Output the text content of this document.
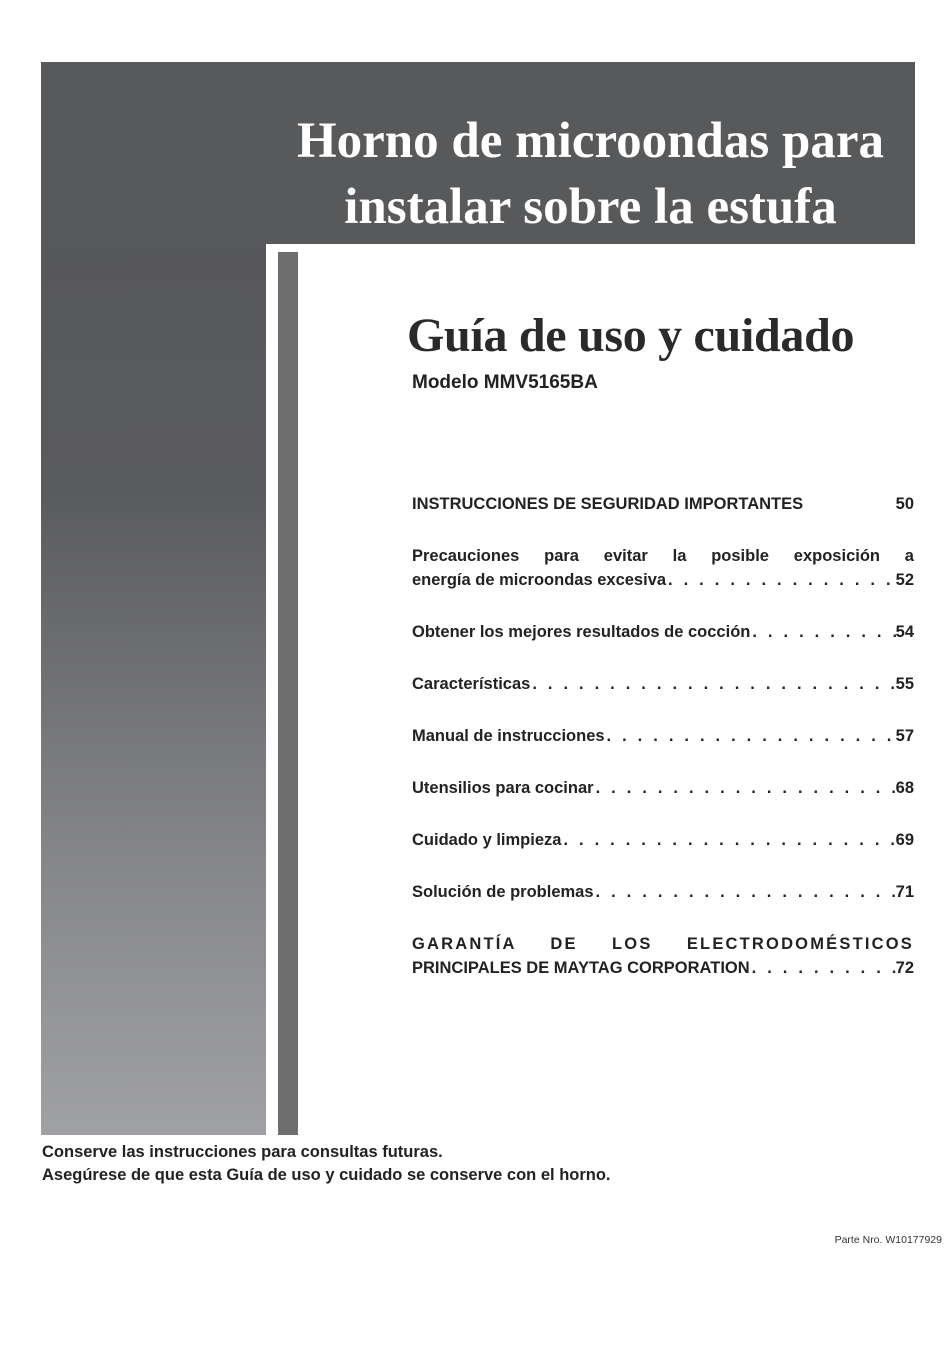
Horno de microondas para
instalar sobre la estufa
Guía de uso y cuidado
Modelo MMV5165BA
INSTRUCCIONES DE SEGURIDAD IMPORTANTES	50
Precauciones para evitar la posible exposición a
energía de microondas excesiva . . .	52
Obtener los mejores resultados de cocción . . .	54
Características . . .	55
Manual de instrucciones . . .	57
Utensilios para cocinar . . .	68
Cuidado y limpieza . . .	69
Solución de problemas . . .	71
GARANTÍA DE LOS ELECTRODOMÉSTICOS
PRINCIPALES DE MAYTAG CORPORATION . . .	72
Conserve las instrucciones para consultas futuras.
Asegúrese de que esta Guía de uso y cuidado se conserve con el horno.
Parte Nro. W10177929
